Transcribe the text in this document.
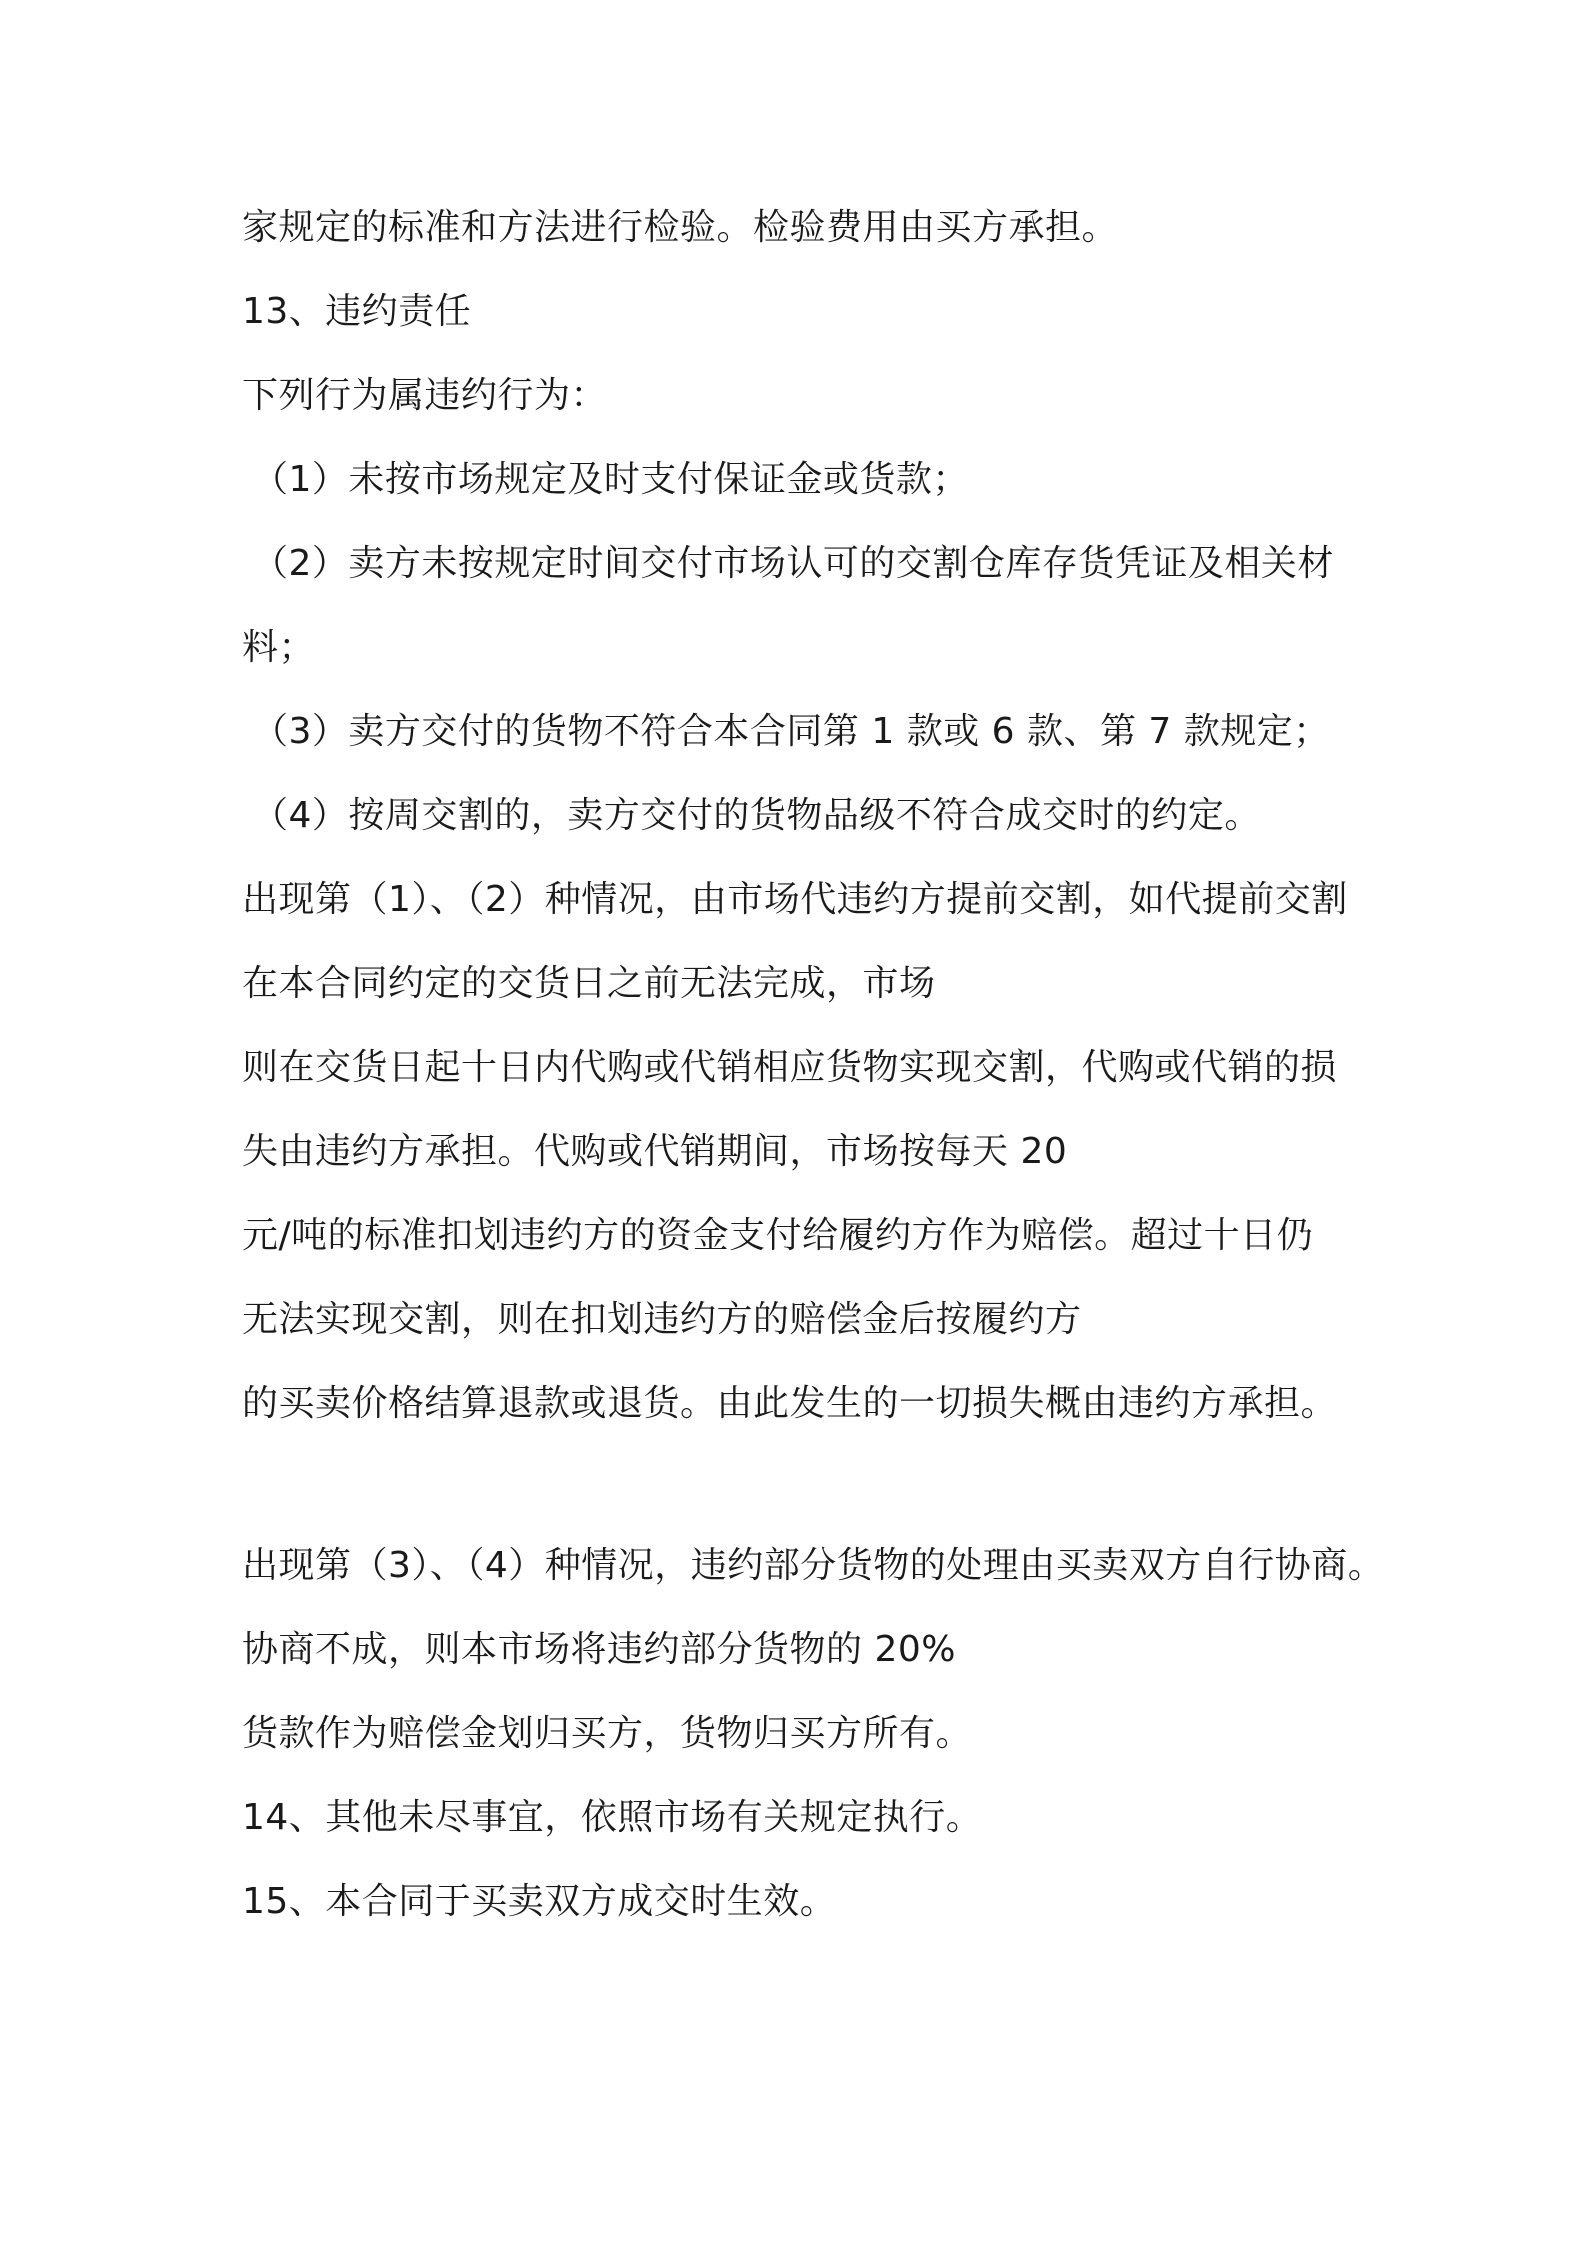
家规定的标准和方法进行检验。检验费用由买方承担。
13、违约责任
下列行为属违约行为：
（1）未按市场规定及时支付保证金或货款；
（2）卖方未按规定时间交付市场认可的交割仓库存货凭证及相关材
料；
（3）卖方交付的货物不符合本合同第 1 款或 6 款、第 7 款规定；
（4）按周交割的，卖方交付的货物品级不符合成交时的约定。
出现第（1）、（2）种情况，由市场代违约方提前交割，如代提前交割
在本合同约定的交货日之前无法完成，市场
则在交货日起十日内代购或代销相应货物实现交割，代购或代销的损
失由违约方承担。代购或代销期间，市场按每天 20
元/吨的标准扣划违约方的资金支付给履约方作为赔偿。超过十日仍
无法实现交割，则在扣划违约方的赔偿金后按履约方
的买卖价格结算退款或退货。由此发生的一切损失概由违约方承担。
出现第（3）、（4）种情况，违约部分货物的处理由买卖双方自行协商。
协商不成，则本市场将违约部分货物的 20%
货款作为赔偿金划归买方，货物归买方所有。
14、其他未尽事宜，依照市场有关规定执行。
15、本合同于买卖双方成交时生效。
